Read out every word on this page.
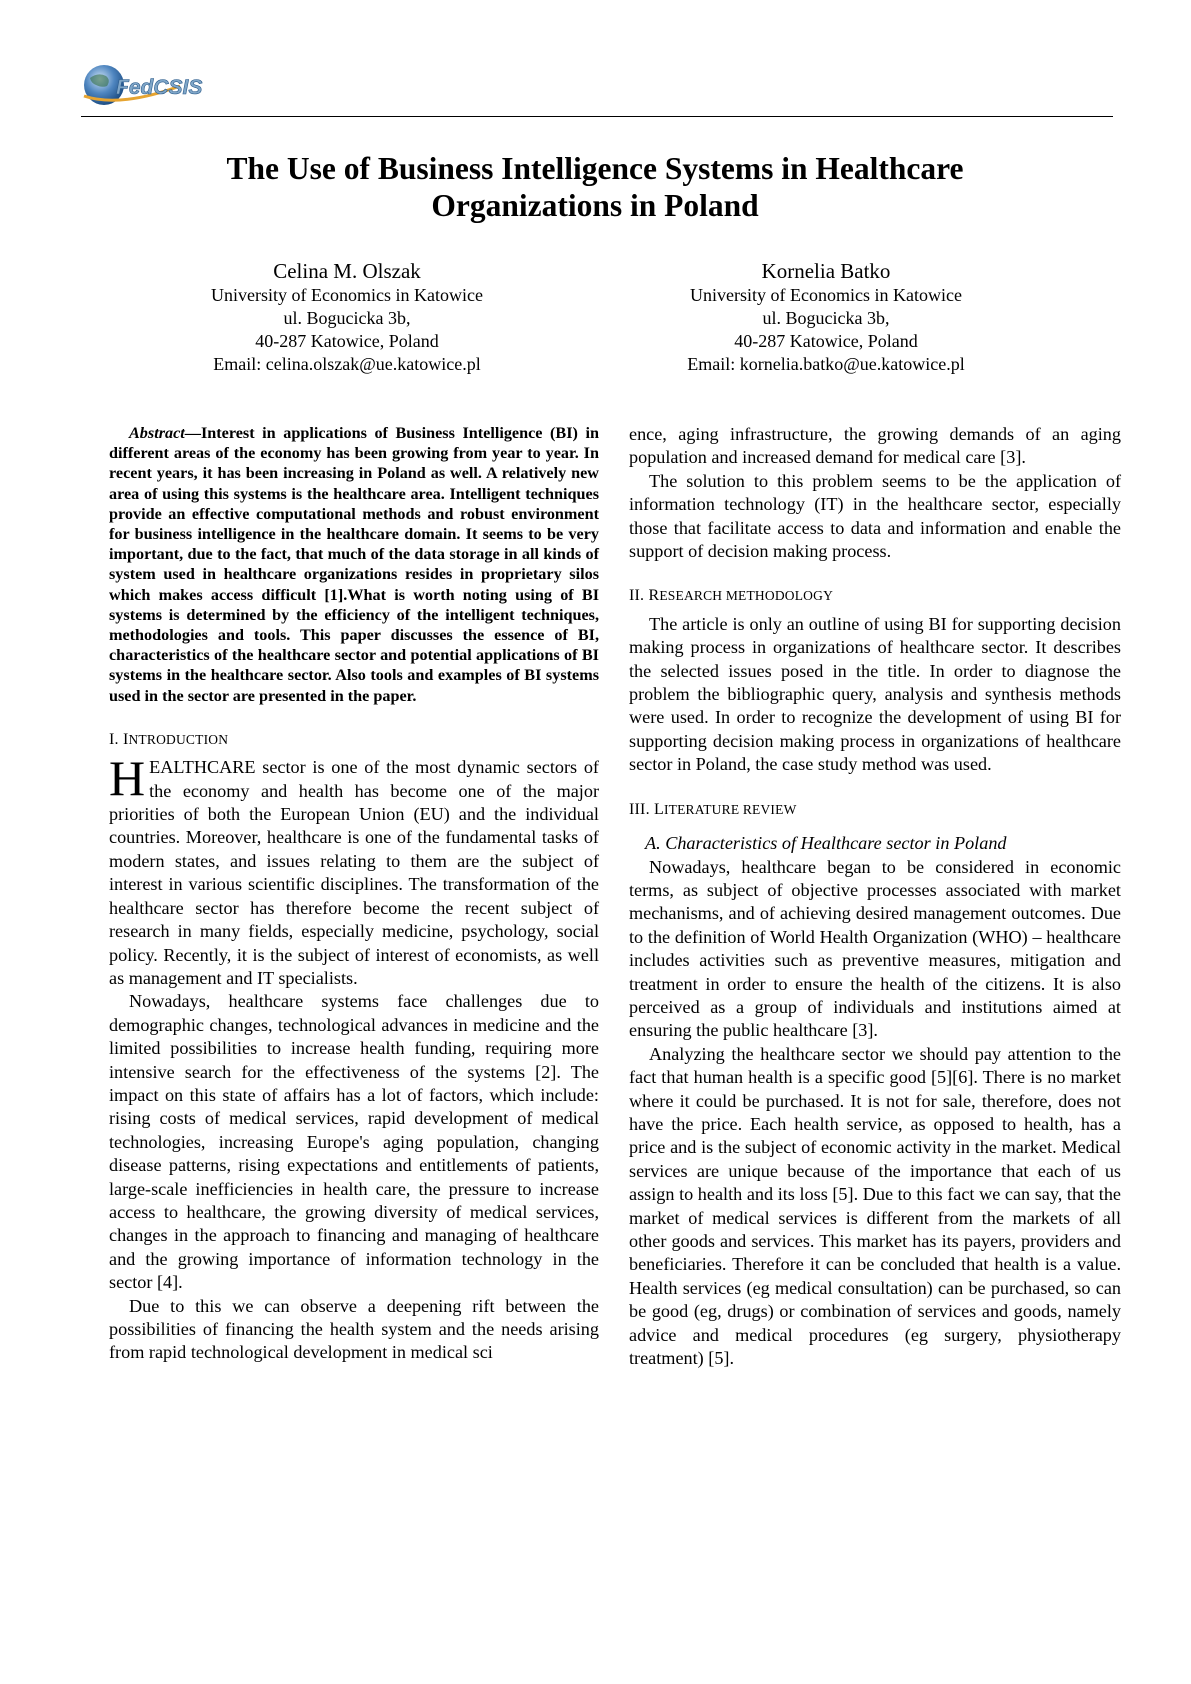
FedCSIS
The Use of Business Intelligence Systems in Healthcare
Organizations in Poland
Celina M. Olszak
University of Economics in Katowice
ul. Bogucicka 3b,
40-287 Katowice, Poland
Email: celina.olszak@ue.katowice.pl
Kornelia Batko
University of Economics in Katowice
ul. Bogucicka 3b,
40-287 Katowice, Poland
Email: kornelia.batko@ue.katowice.pl

Abstract—Interest in applications of Business Intelligence (BI) in different areas of the economy has been growing from year to year. In recent years, it has been increasing in Poland as well. A relatively new area of using this systems is the healthcare area. Intelligent techniques provide an effective computational methods and robust environment for business intelligence in the healthcare domain. It seems to be very important, due to the fact, that much of the data storage in all kinds of system used in healthcare organizations resides in proprietary silos which makes access difficult [1].What is worth noting using of BI systems is determined by the efficiency of the intelligent techniques, methodologies and tools. This paper discusses the essence of BI, characteristics of the healthcare sector and potential applications of BI systems in the healthcare sector. Also tools and examples of BI systems used in the sector are presented in the paper.

I. INTRODUCTION

HEALTHCARE sector is one of the most dynamic sectors of the economy and health has become one of the major priorities of both the European Union (EU) and the individual countries. Moreover, healthcare is one of the fundamental tasks of modern states, and issues relating to them are the subject of interest in various scientific disciplines. The transformation of the healthcare sector has therefore become the recent subject of research in many fields, especially medicine, psychology, social policy. Recently, it is the subject of interest of economists, as well as management and IT specialists.

Nowadays, healthcare systems face challenges due to demographic changes, technological advances in medicine and the limited possibilities to increase health funding, requiring more intensive search for the effectiveness of the systems [2]. The impact on this state of affairs has a lot of factors, which include: rising costs of medical services, rapid development of medical technologies, increasing Europe's aging population, changing disease patterns, rising expectations and entitlements of patients, large-scale inefficiencies in health care, the pressure to increase access to healthcare, the growing diversity of medical services, changes in the approach to financing and managing of healthcare and the growing importance of information technology in the sector [4].

Due to this we can observe a deepening rift between the possibilities of financing the health system and the needs arising from rapid technological development in medical sci

ence, aging infrastructure, the growing demands of an aging population and increased demand for medical care [3].

The solution to this problem seems to be the application of information technology (IT) in the healthcare sector, especially those that facilitate access to data and information and enable the support of decision making process.

II. RESEARCH METHODOLOGY

The article is only an outline of using BI for supporting decision making process in organizations of healthcare sector. It describes the selected issues posed in the title. In order to diagnose the problem the bibliographic query, analysis and synthesis methods were used. In order to recognize the development of using BI for supporting decision making process in organizations of healthcare sector in Poland, the case study method was used.

III. LITERATURE REVIEW

A. Characteristics of Healthcare sector in Poland

Nowadays, healthcare began to be considered in economic terms, as subject of objective processes associated with market mechanisms, and of achieving desired management outcomes. Due to the definition of World Health Organization (WHO) – healthcare includes activities such as preventive measures, mitigation and treatment in order to ensure the health of the citizens. It is also perceived as a group of individuals and institutions aimed at ensuring the public healthcare [3].

Analyzing the healthcare sector we should pay attention to the fact that human health is a specific good [5][6]. There is no market where it could be purchased. It is not for sale, therefore, does not have the price. Each health service, as opposed to health, has a price and is the subject of economic activity in the market. Medical services are unique because of the importance that each of us assign to health and its loss [5]. Due to this fact we can say, that the market of medical services is different from the markets of all other goods and services. This market has its payers, providers and beneficiaries. Therefore it can be concluded that health is a value. Health services (eg medical consultation) can be purchased, so can be good (eg, drugs) or combination of services and goods, namely advice and medical procedures (eg surgery, physiotherapy treatment) [5].
